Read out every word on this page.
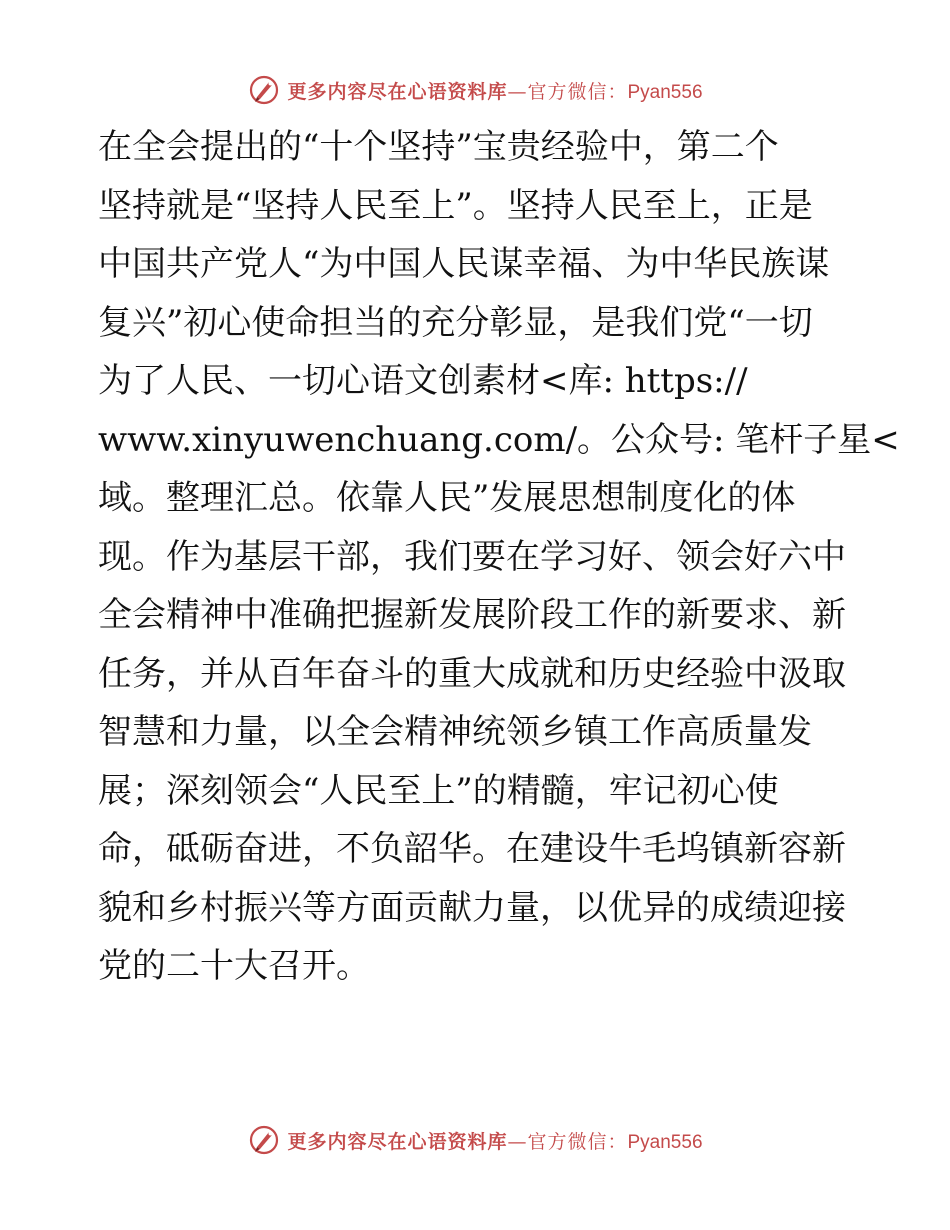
更多内容尽在心语资料库—官方微信：Pyan556
在全会提出的“十个坚持”宝贵经验中，第二个
坚持就是“坚持人民至上”。坚持人民至上，正是
中国共产党人“为中国人民谋幸福、为中华民族谋
复兴”初心使命担当的充分彰显，是我们党“一切
为了人民、一切心语文创素材<库: https://
www.xinyuwenchuang.com/。公众号: 笔杆子星<
域。整理汇总。依靠人民”发展思想制度化的体
现。作为基层干部，我们要在学习好、领会好六中
全会精神中准确把握新发展阶段工作的新要求、新
任务，并从百年奋斗的重大成就和历史经验中汲取
智慧和力量，以全会精神统领乡镇工作高质量发
展；深刻领会“人民至上”的精髓，牢记初心使
命，砥砺奋进，不负韶华。在建设牛毛坞镇新容新
貌和乡村振兴等方面贡献力量，以优异的成绩迎接
党的二十大召开。
更多内容尽在心语资料库—官方微信：Pyan556
